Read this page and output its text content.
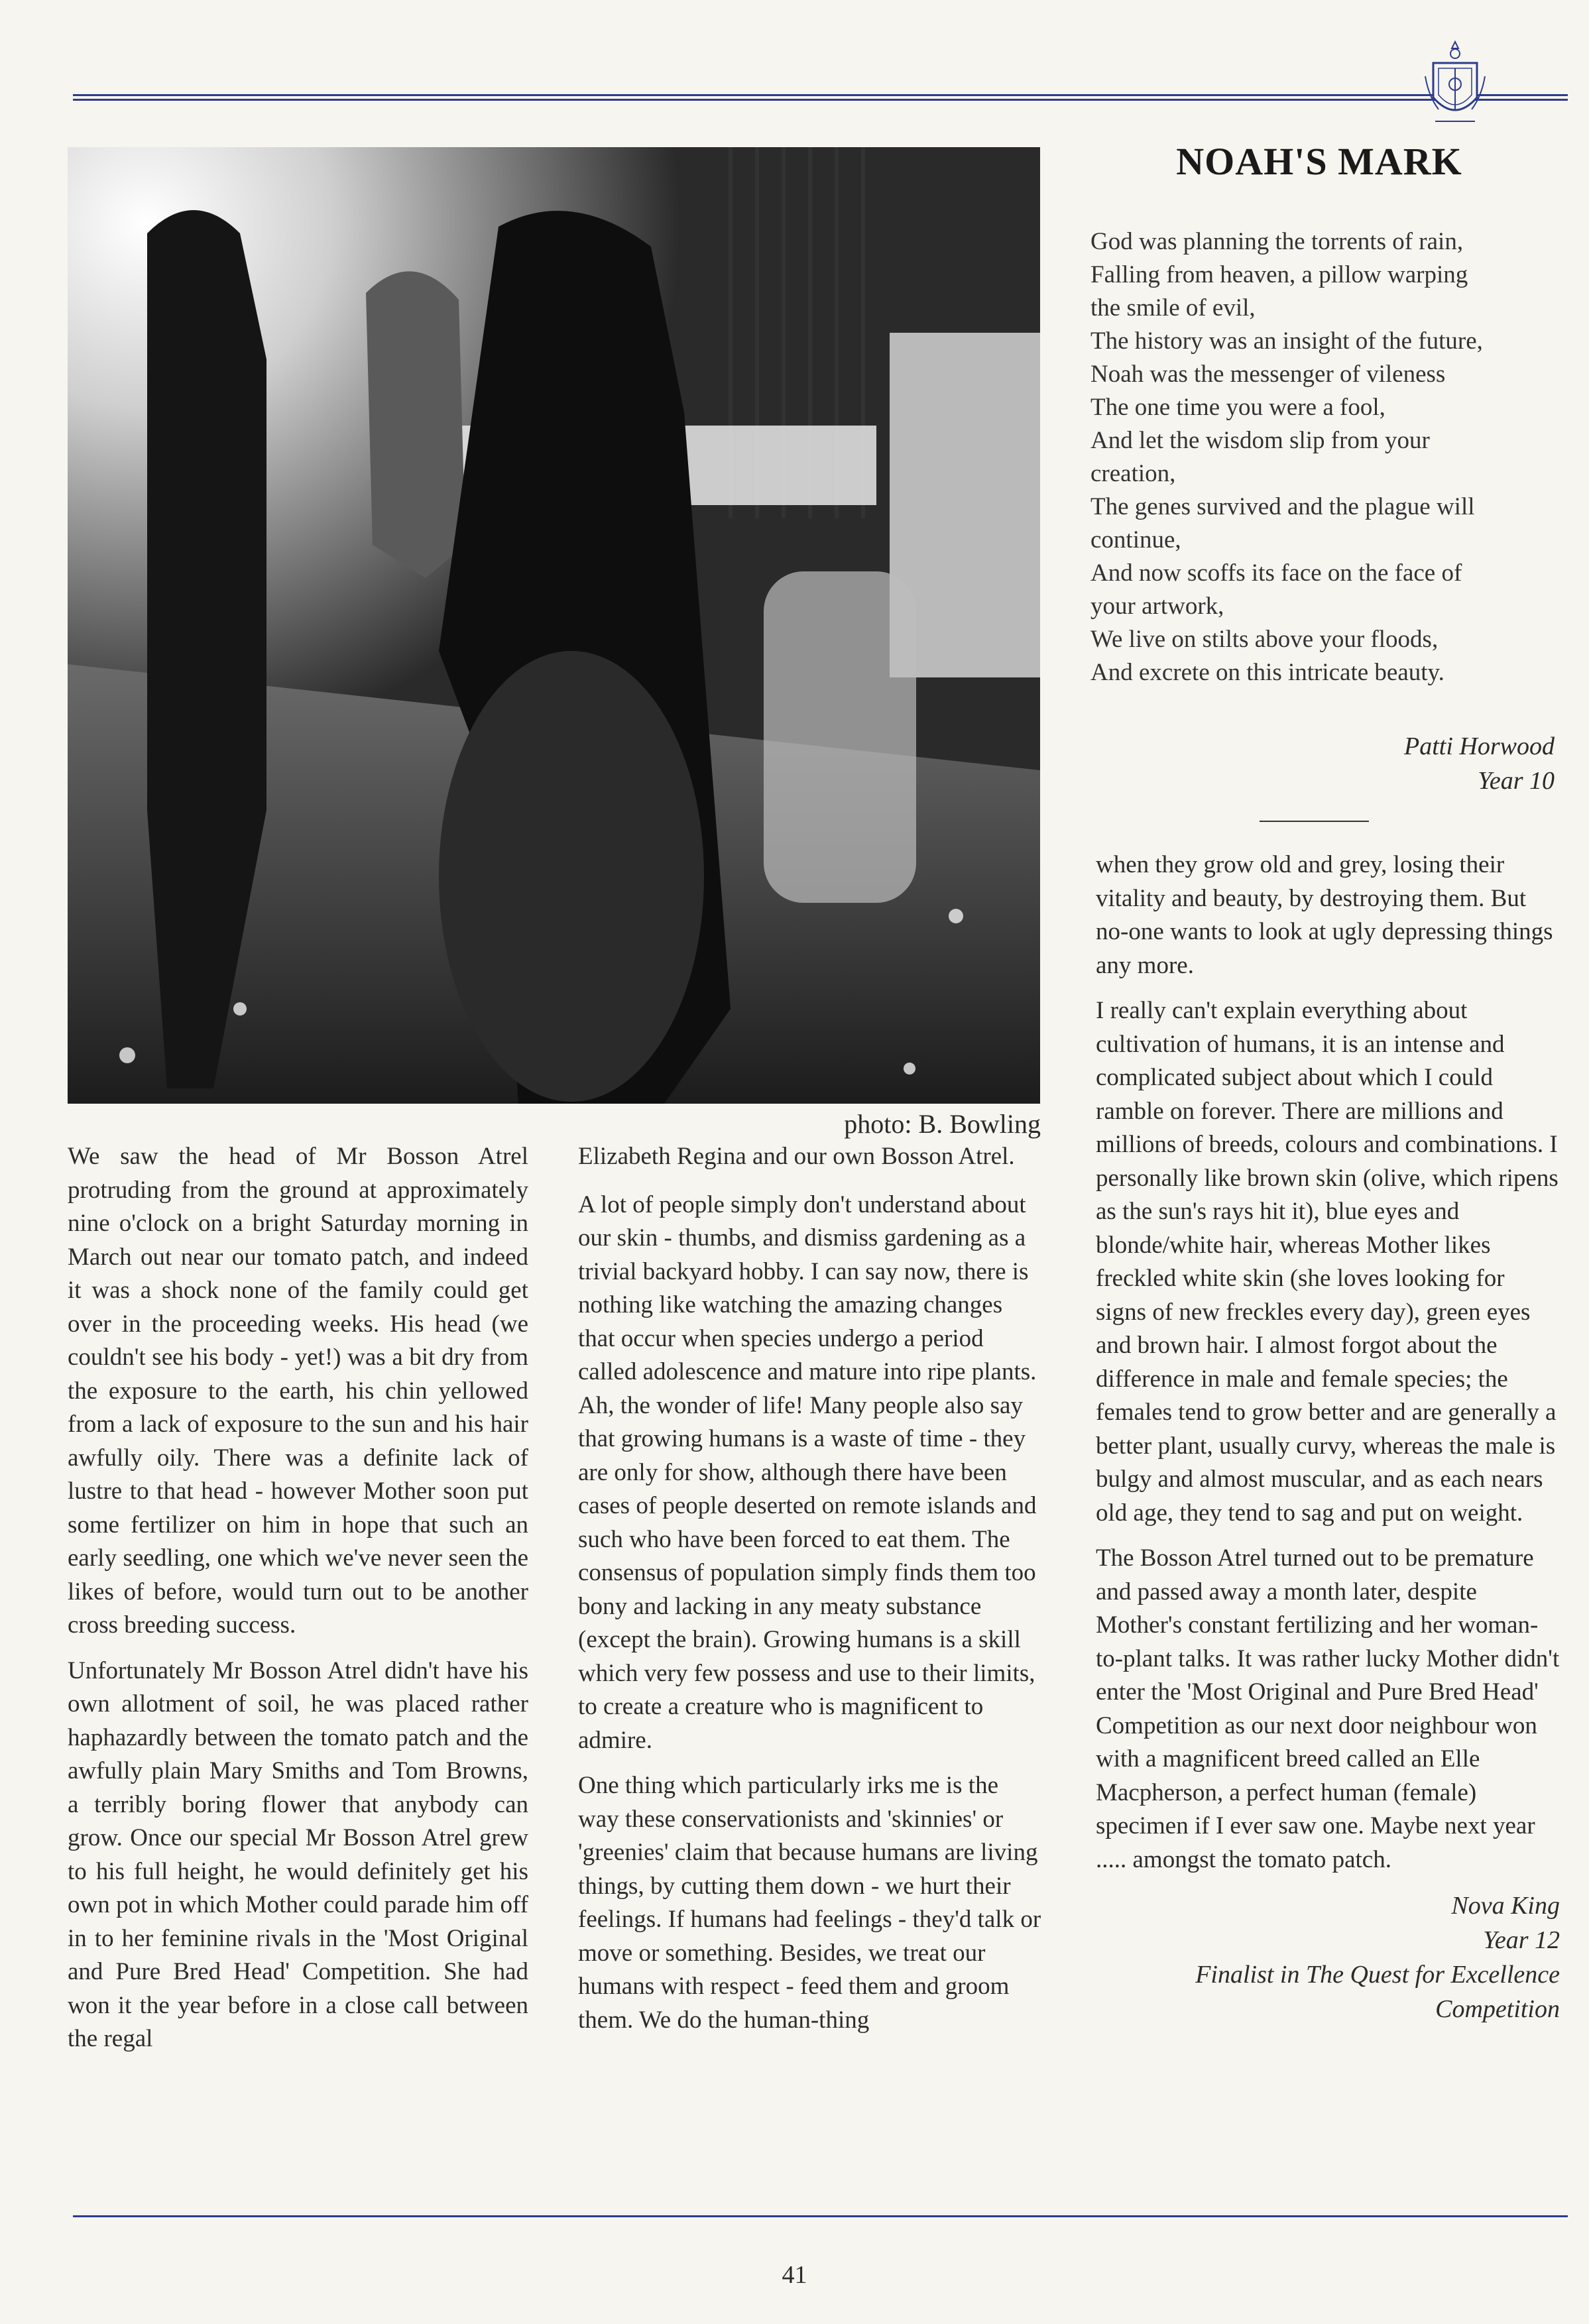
photo: B. Bowling
NOAH'S MARK
God was planning the torrents of rain,
Falling from heaven, a pillow warping
the smile of evil,
The history was an insight of the future,
Noah was the messenger of vileness
The one time you were a fool,
And let the wisdom slip from your
creation,
The genes survived and the plague will
continue,
And now scoffs its face on the face of
your artwork,
We live on stilts above your floods,
And excrete on this intricate beauty.
Patti Horwood
Year 10

We saw the head of Mr Bosson Atrel protruding from the ground at approximately nine o'clock on a bright Saturday morning in March out near our tomato patch, and indeed it was a shock none of the family could get over in the proceeding weeks. His head (we couldn't see his body - yet!) was a bit dry from the exposure to the earth, his chin yellowed from a lack of exposure to the sun and his hair awfully oily. There was a definite lack of lustre to that head - however Mother soon put some fertilizer on him in hope that such an early seedling, one which we've never seen the likes of before, would turn out to be another cross breeding success.

Unfortunately Mr Bosson Atrel didn't have his own allotment of soil, he was placed rather haphazardly between the tomato patch and the awfully plain Mary Smiths and Tom Browns, a terribly boring flower that anybody can grow. Once our special Mr Bosson Atrel grew to his full height, he would definitely get his own pot in which Mother could parade him off in to her feminine rivals in the 'Most Original and Pure Bred Head' Competition. She had won it the year before in a close call between the regal

Elizabeth Regina and our own Bosson Atrel.

A lot of people simply don't understand about our skin - thumbs, and dismiss gardening as a trivial backyard hobby. I can say now, there is nothing like watching the amazing changes that occur when species undergo a period called adolescence and mature into ripe plants. Ah, the wonder of life! Many people also say that growing humans is a waste of time - they are only for show, although there have been cases of people deserted on remote islands and such who have been forced to eat them. The consensus of population simply finds them too bony and lacking in any meaty substance (except the brain). Growing humans is a skill which very few possess and use to their limits, to create a creature who is magnificent to admire.

One thing which particularly irks me is the way these conservationists and 'skinnies' or 'greenies' claim that because humans are living things, by cutting them down - we hurt their feelings. If humans had feelings - they'd talk or move or something. Besides, we treat our humans with respect - feed them and groom them. We do the human-thing

when they grow old and grey, losing their vitality and beauty, by destroying them. But no-one wants to look at ugly depressing things any more.

I really can't explain everything about cultivation of humans, it is an intense and complicated subject about which I could ramble on forever. There are millions and millions of breeds, colours and combinations. I personally like brown skin (olive, which ripens as the sun's rays hit it), blue eyes and blonde/white hair, whereas Mother likes freckled white skin (she loves looking for signs of new freckles every day), green eyes and brown hair. I almost forgot about the difference in male and female species; the females tend to grow better and are generally a better plant, usually curvy, whereas the male is bulgy and almost muscular, and as each nears old age, they tend to sag and put on weight.

The Bosson Atrel turned out to be premature and passed away a month later, despite Mother's constant fertilizing and her woman-to-plant talks. It was rather lucky Mother didn't enter the 'Most Original and Pure Bred Head' Competition as our next door neighbour won with a magnificent breed called an Elle Macpherson, a perfect human (female) specimen if I ever saw one. Maybe next year ..... amongst the tomato patch.

Nova King
Year 12
Finalist in The Quest for Excellence Competition
41
